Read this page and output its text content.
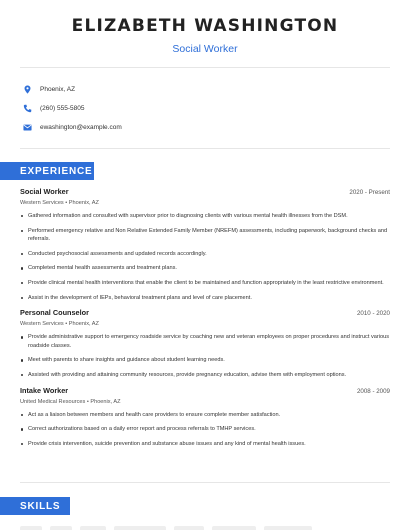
ELIZABETH WASHINGTON
Social Worker
Phoenix, AZ
(260) 555-5805
ewashington@example.com
EXPERIENCE
Social Worker	2020 - Present
Western Services • Phoenix, AZ
Gathered information and consulted with supervisor prior to diagnosing clients with various mental health illnesses from the DSM.
Performed emergency relative and Non Relative Extended Family Member (NREFM) assessments, including paperwork, background checks and referrals.
Conducted psychosocial assessments and updated records accordingly.
Completed mental health assessments and treatment plans.
Provide clinical mental health interventions that enable the client to be maintained and function appropriately in the least restrictive environment.
Assist in the development of IEPs, behavioral treatment plans and level of care placement.
Personal Counselor	2010 - 2020
Western Services • Phoenix, AZ
Provide administrative support to emergency roadside service by coaching new and veteran employees on proper procedures and instruct various roadside classes.
Meet with parents to share insights and guidance about student learning needs.
Assisted with providing and attaining community resources, provide pregnancy education, advise them with employment options.
Intake Worker	2008 - 2009
United Medical Resources • Phoenix, AZ
Act as a liaison between members and health care providers to ensure complete member satisfaction.
Correct authorizations based on a daily error report and process referrals to TMHP services.
Provide crisis intervention, suicide prevention and substance abuse issues and any kind of mental health issues.
SKILLS
